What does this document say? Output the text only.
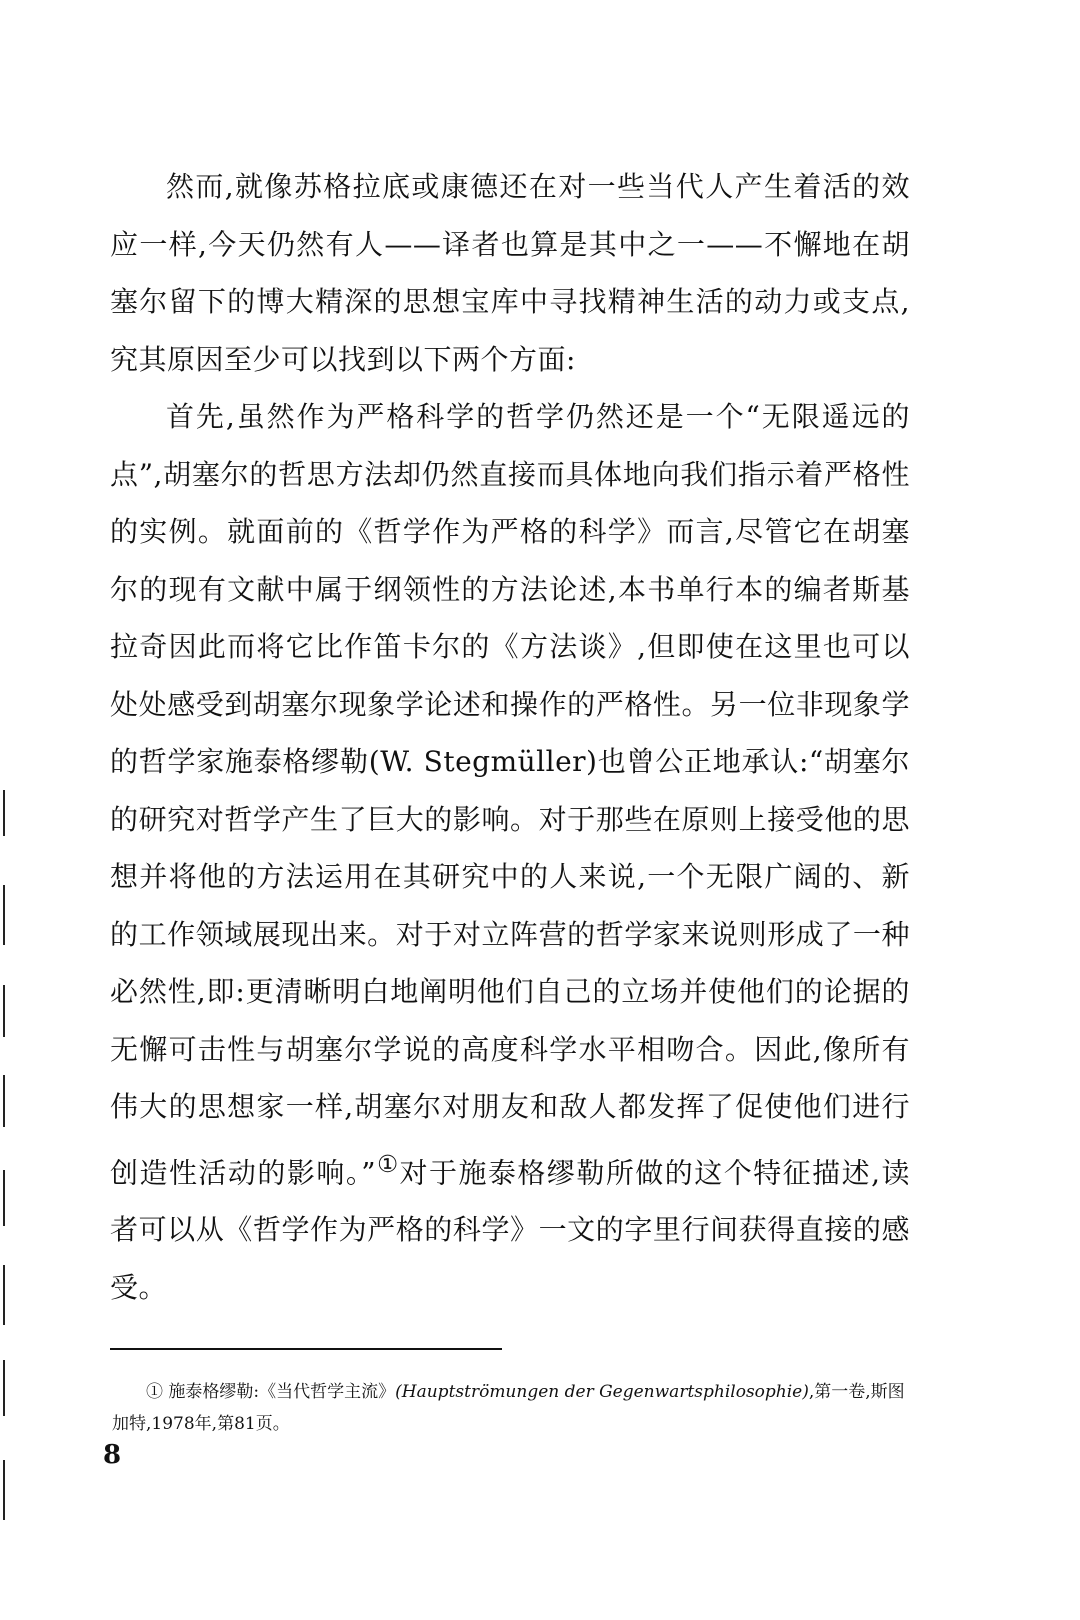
然而,就像苏格拉底或康德还在对一些当代人产生着活的效应一样,今天仍然有人——译者也算是其中之一——不懈地在胡塞尔留下的博大精深的思想宝库中寻找精神生活的动力或支点,究其原因至少可以找到以下两个方面:

首先,虽然作为严格科学的哲学仍然还是一个“无限遥远的点”,胡塞尔的哲思方法却仍然直接而具体地向我们指示着严格性的实例。就面前的《哲学作为严格的科学》而言,尽管它在胡塞尔的现有文献中属于纲领性的方法论述,本书单行本的编者斯基拉奇因此而将它比作笛卡尔的《方法谈》,但即使在这里也可以处处感受到胡塞尔现象学论述和操作的严格性。另一位非现象学的哲学家施泰格缪勒(W. Stegmüller)也曾公正地承认:“胡塞尔的研究对哲学产生了巨大的影响。对于那些在原则上接受他的思想并将他的方法运用在其研究中的人来说,一个无限广阔的、新的工作领域展现出来。对于对立阵营的哲学家来说则形成了一种必然性,即:更清晰明白地阐明他们自己的立场并使他们的论据的无懈可击性与胡塞尔学说的高度科学水平相吻合。因此,像所有伟大的思想家一样,胡塞尔对朋友和敌人都发挥了促使他们进行创造性活动的影响。”①对于施泰格缪勒所做的这个特征描述,读者可以从《哲学作为严格的科学》一文的字里行间获得直接的感受。

① 施泰格缪勒:《当代哲学主流》(Hauptströmungen der Gegenwartsphilosophie),第一卷,斯图加特,1978年,第81页。
8
